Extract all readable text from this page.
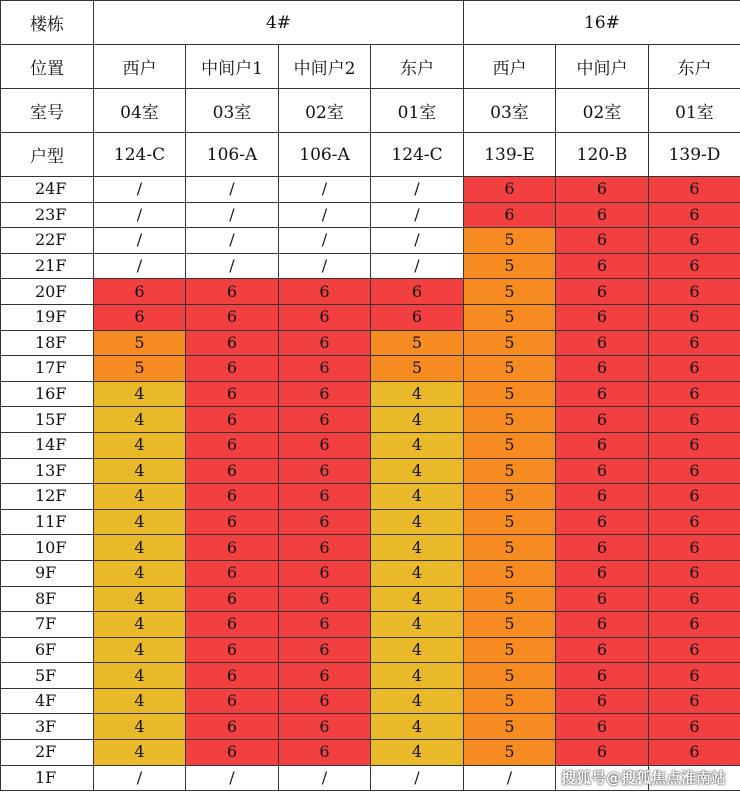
楼栋	4#				16#		
位置	西户	中间户1	中间户2	东户	西户	中间户	东户
室号	04室	03室	02室	01室	03室	02室	01室
户型	124-C	106-A	106-A	124-C	139-E	120-B	139-D
24F	/	/	/	/	6	6	6
23F	/	/	/	/	6	6	6
22F	/	/	/	/	5	6	6
21F	/	/	/	/	5	6	6
20F	6	6	6	6	5	6	6
19F	6	6	6	6	5	6	6
18F	5	6	6	5	5	6	6
17F	5	6	6	5	5	6	6
16F	4	6	6	4	5	6	6
15F	4	6	6	4	5	6	6
14F	4	6	6	4	5	6	6
13F	4	6	6	4	5	6	6
12F	4	6	6	4	5	6	6
11F	4	6	6	4	5	6	6
10F	4	6	6	4	5	6	6
9F	4	6	6	4	5	6	6
8F	4	6	6	4	5	6	6
7F	4	6	6	4	5	6	6
6F	4	6	6	4	5	6	6
5F	4	6	6	4	5	6	6
4F	4	6	6	4	5	6	6
3F	4	6	6	4	5	6	6
2F	4	6	6	4	5	6	6
1F	/	/	/	/	/			搜狐号@搜狐焦点淮南站
